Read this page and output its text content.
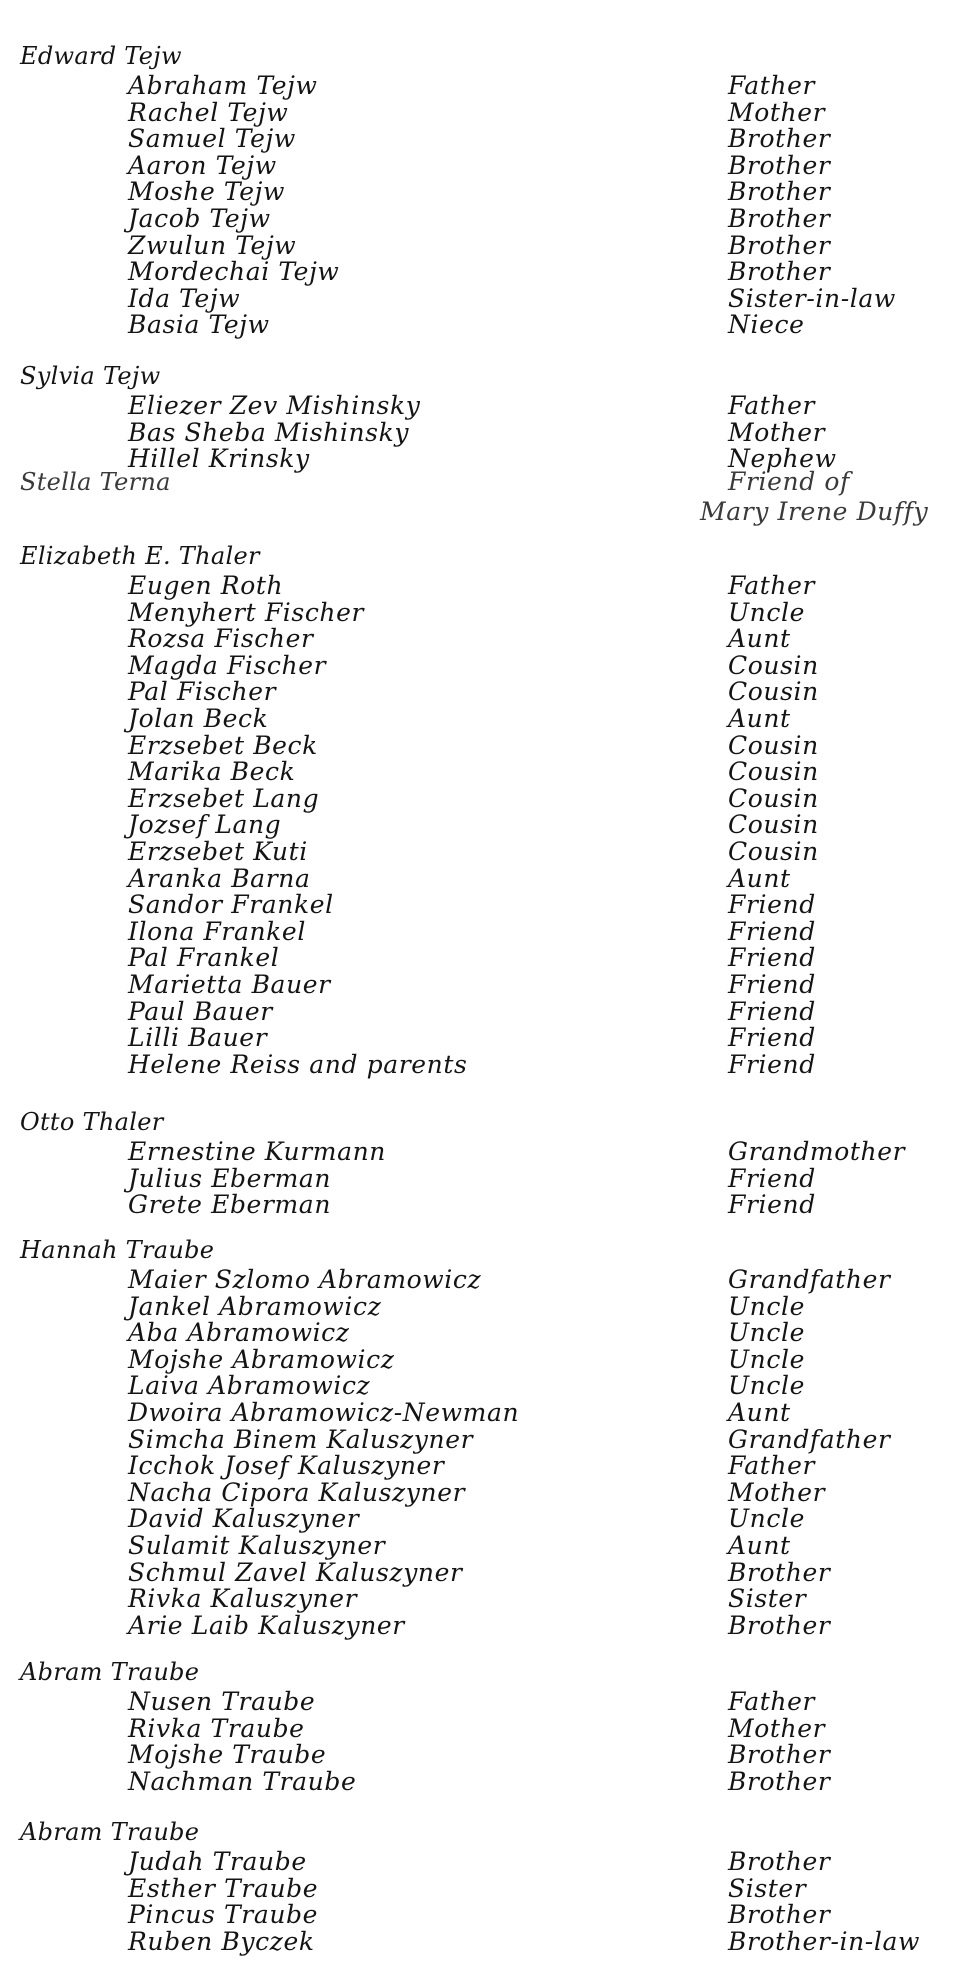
Edward Tejw
Abraham Tejw	Father
Rachel Tejw	Mother
Samuel Tejw	Brother
Aaron Tejw	Brother
Moshe Tejw	Brother
Jacob Tejw	Brother
Zwulun Tejw	Brother
Mordechai Tejw	Brother
Ida Tejw	Sister-in-law
Basia Tejw	Niece
Sylvia Tejw
Eliezer Zev Mishinsky	Father
Bas Sheba Mishinsky	Mother
Hillel Krinsky	Nephew
Stella Terna	Friend of
Mary Irene Duffy
Elizabeth E. Thaler
Eugen Roth	Father
Menyhert Fischer	Uncle
Rozsa Fischer	Aunt
Magda Fischer	Cousin
Pal Fischer	Cousin
Jolan Beck	Aunt
Erzsebet Beck	Cousin
Marika Beck	Cousin
Erzsebet Lang	Cousin
Jozsef Lang	Cousin
Erzsebet Kuti	Cousin
Aranka Barna	Aunt
Sandor Frankel	Friend
Ilona Frankel	Friend
Pal Frankel	Friend
Marietta Bauer	Friend
Paul Bauer	Friend
Lilli Bauer	Friend
Helene Reiss and parents	Friend
Otto Thaler
Ernestine Kurmann	Grandmother
Julius Eberman	Friend
Grete Eberman	Friend
Hannah Traube
Maier Szlomo Abramowicz	Grandfather
Jankel Abramowicz	Uncle
Aba Abramowicz	Uncle
Mojshe Abramowicz	Uncle
Laiva Abramowicz	Uncle
Dwoira Abramowicz-Newman	Aunt
Simcha Binem Kaluszyner	Grandfather
Icchok Josef Kaluszyner	Father
Nacha Cipora Kaluszyner	Mother
David Kaluszyner	Uncle
Sulamit Kaluszyner	Aunt
Schmul Zavel Kaluszyner	Brother
Rivka Kaluszyner	Sister
Arie Laib Kaluszyner	Brother
Abram Traube
Nusen Traube	Father
Rivka Traube	Mother
Mojshe Traube	Brother
Nachman Traube	Brother
Abram Traube
Judah Traube	Brother
Esther Traube	Sister
Pincus Traube	Brother
Ruben Byczek	Brother-in-law
